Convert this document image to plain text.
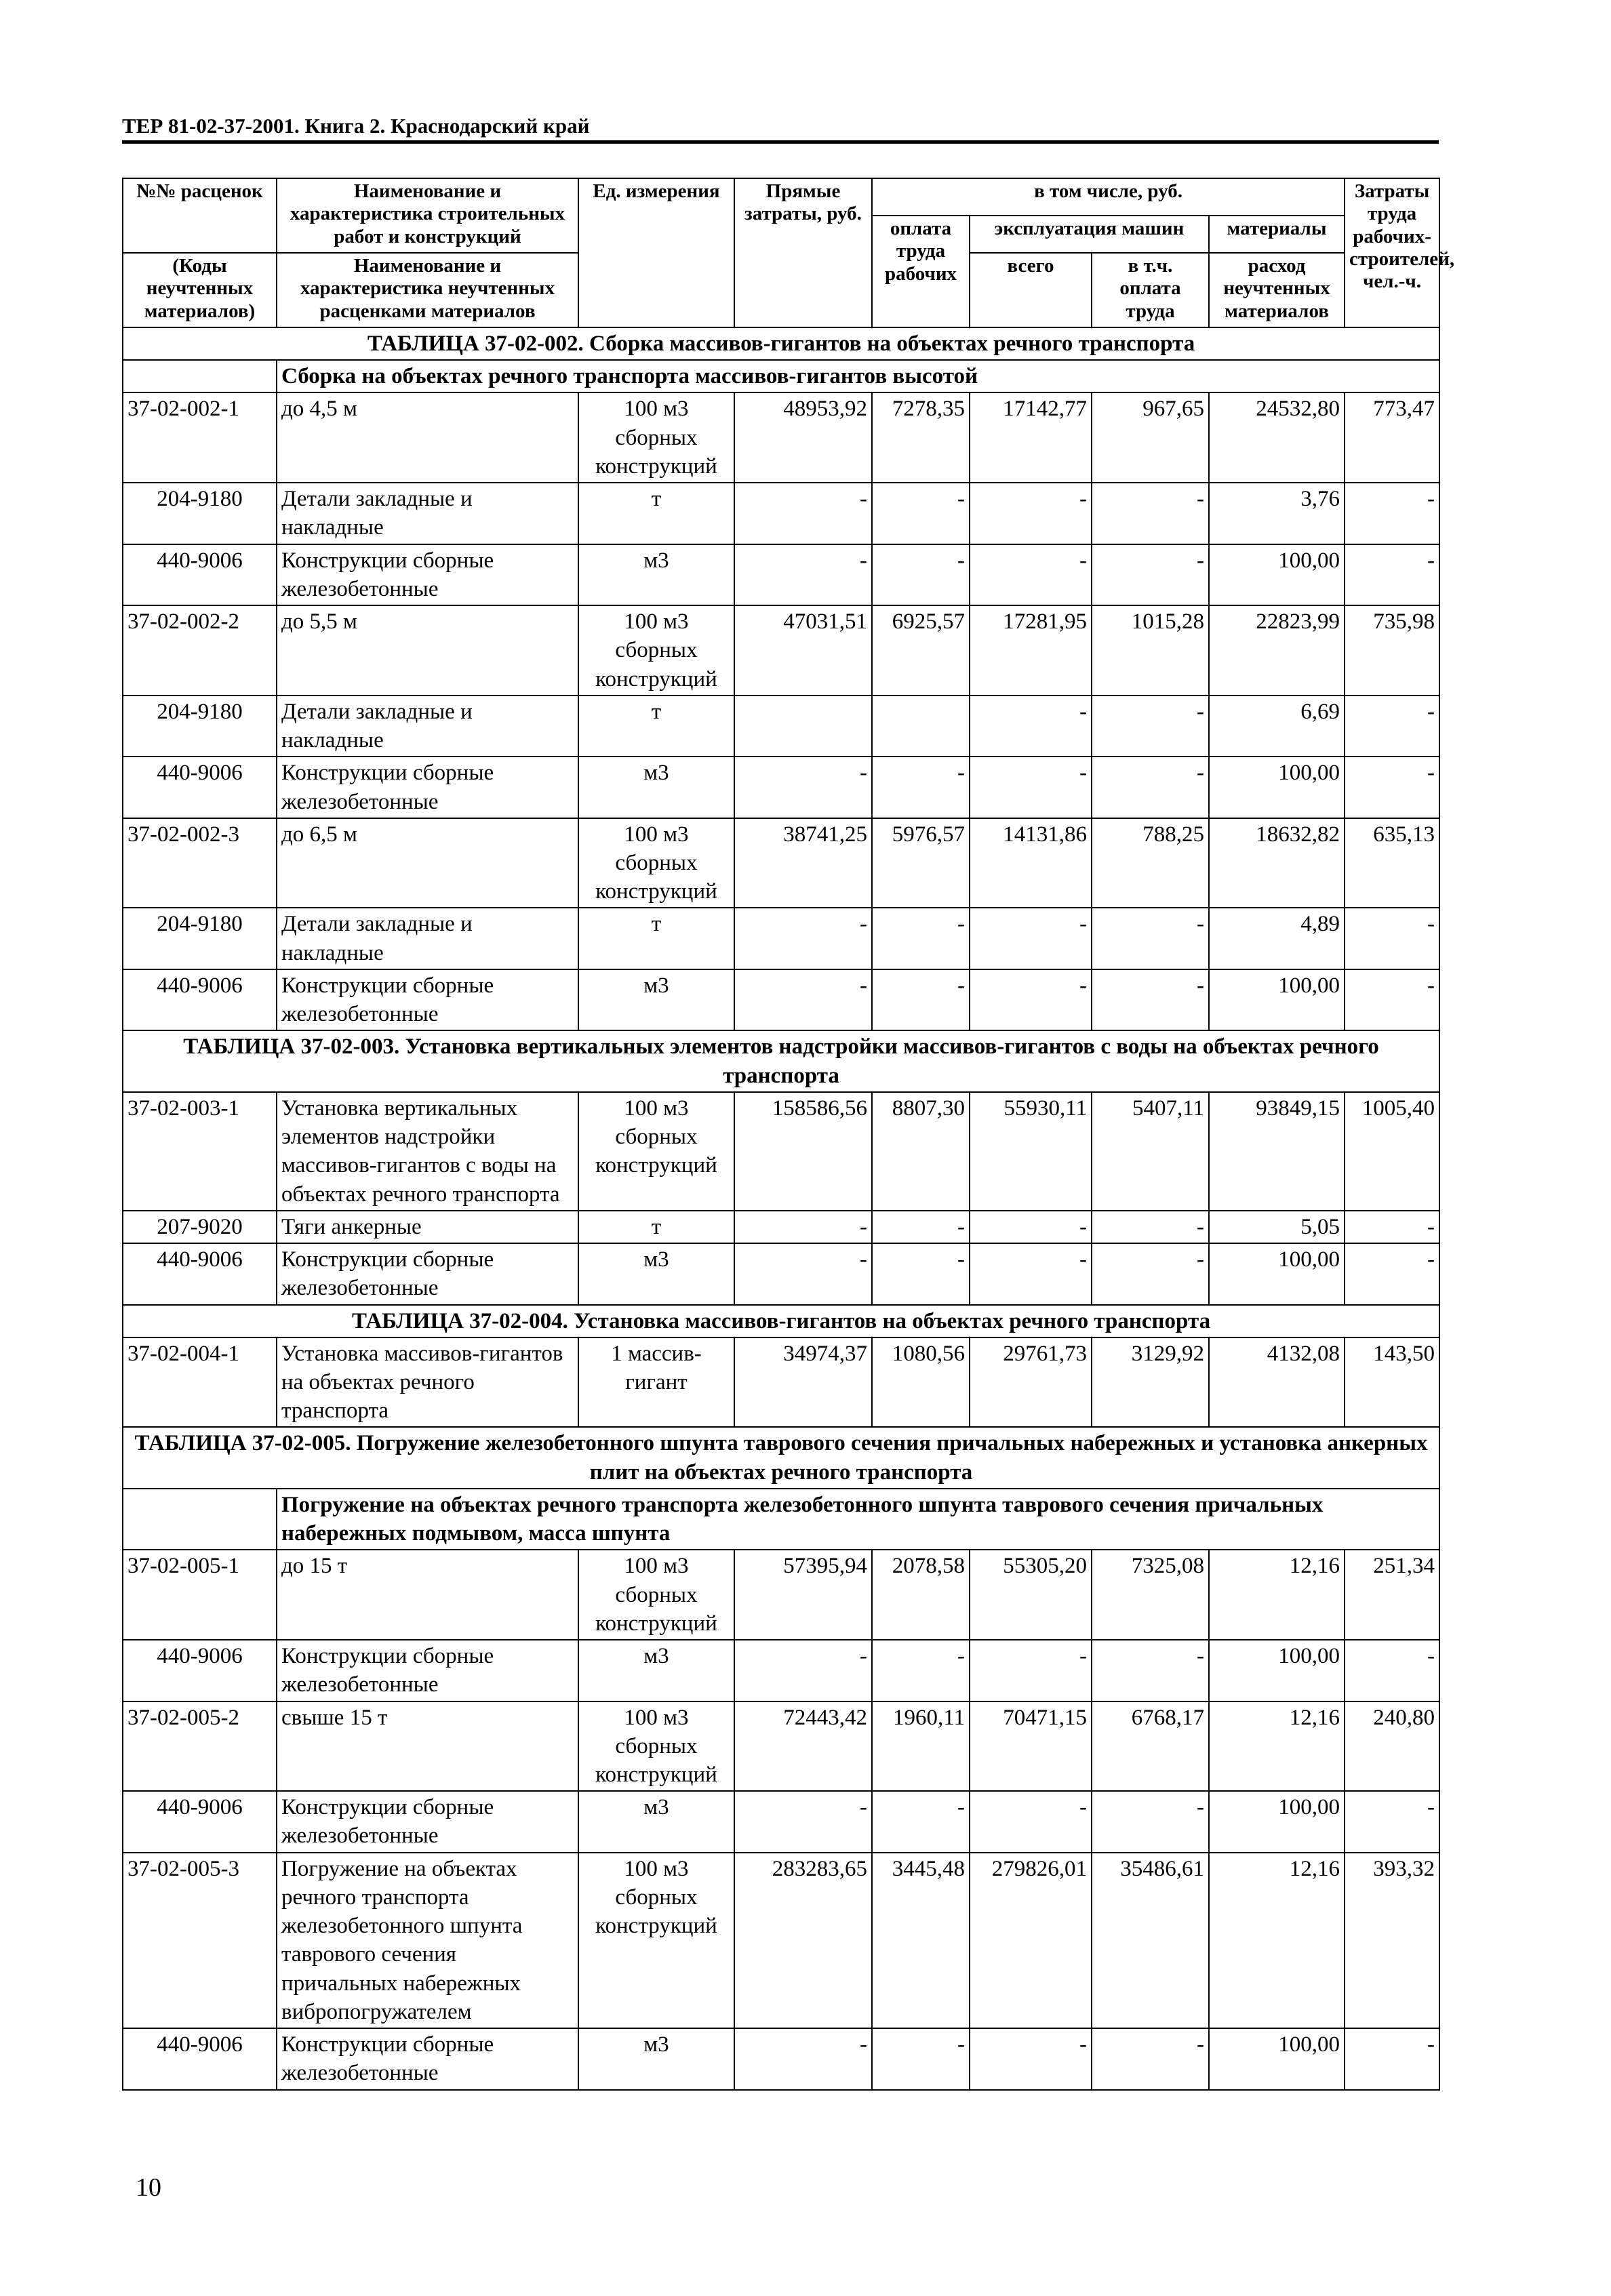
ТЕР 81-02-37-2001. Книга 2. Краснодарский край
№№ расценок	Наименование и характеристика строительных работ и конструкций	Ед. измерения	Прямые затраты, руб.	в том числе, руб.				Затраты труда рабочих-строителей, чел.-ч.
				оплата труда рабочих	эксплуатация машин		материалы	
(Коды неучтенных материалов)	Наименование и характеристика неучтенных расценками материалов				всего	в т.ч. оплата труда	расход неучтенных материалов	
ТАБЛИЦА 37-02-002. Сборка массивов-гигантов на объектах речного транспорта								
	Сборка на объектах речного транспорта массивов-гигантов высотой							
37-02-002-1	до 4,5 м	100 м3 сборных конструкций	48953,92	7278,35	17142,77	967,65	24532,80	773,47
204-9180	Детали закладные и накладные	т	-	-	-	-	3,76	-
440-9006	Конструкции сборные железобетонные	м3	-	-	-	-	100,00	-
37-02-002-2	до 5,5 м	100 м3 сборных конструкций	47031,51	6925,57	17281,95	1015,28	22823,99	735,98
204-9180	Детали закладные и накладные	т			-	-	6,69	-
440-9006	Конструкции сборные железобетонные	м3	-	-	-	-	100,00	-
37-02-002-3	до 6,5 м	100 м3 сборных конструкций	38741,25	5976,57	14131,86	788,25	18632,82	635,13
204-9180	Детали закладные и накладные	т	-	-	-	-	4,89	-
440-9006	Конструкции сборные железобетонные	м3	-	-	-	-	100,00	-
ТАБЛИЦА 37-02-003. Установка вертикальных элементов надстройки массивов-гигантов с воды на объектах речного транспорта								
37-02-003-1	Установка вертикальных элементов надстройки массивов-гигантов с воды на объектах речного транспорта	100 м3 сборных конструкций	158586,56	8807,30	55930,11	5407,11	93849,15	1005,40
207-9020	Тяги анкерные	т	-	-	-	-	5,05	-
440-9006	Конструкции сборные железобетонные	м3	-	-	-	-	100,00	-
ТАБЛИЦА 37-02-004. Установка массивов-гигантов на объектах речного транспорта								
37-02-004-1	Установка массивов-гигантов на объектах речного транспорта	1 массив-гигант	34974,37	1080,56	29761,73	3129,92	4132,08	143,50
ТАБЛИЦА 37-02-005. Погружение железобетонного шпунта таврового сечения причальных набережных и установка анкерных плит на объектах речного транспорта								
	Погружение на объектах речного транспорта железобетонного шпунта таврового сечения причальных набережных подмывом, масса шпунта							
37-02-005-1	до 15 т	100 м3 сборных конструкций	57395,94	2078,58	55305,20	7325,08	12,16	251,34
440-9006	Конструкции сборные железобетонные	м3	-	-	-	-	100,00	-
37-02-005-2	свыше 15 т	100 м3 сборных конструкций	72443,42	1960,11	70471,15	6768,17	12,16	240,80
440-9006	Конструкции сборные железобетонные	м3	-	-	-	-	100,00	-
37-02-005-3	Погружение на объектах речного транспорта железобетонного шпунта таврового сечения причальных набережных вибропогружателем	100 м3 сборных конструкций	283283,65	3445,48	279826,01	35486,61	12,16	393,32
440-9006	Конструкции сборные железобетонные	м3	-	-	-	-	100,00	-
10
